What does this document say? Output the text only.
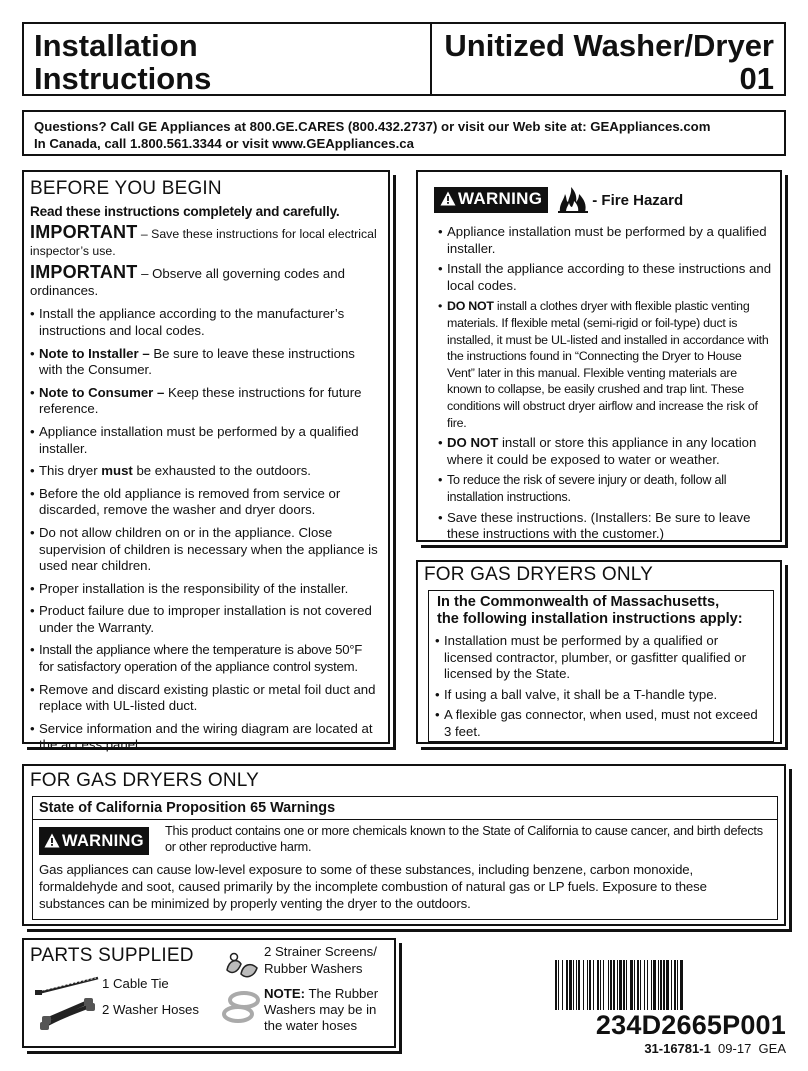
Installation
Instructions
Unitized Washer/Dryer
01
Questions? Call GE Appliances at 800.GE.CARES (800.432.2737) or visit our Web site at: GEAppliances.com
In Canada, call 1.800.561.3344 or visit www.GEAppliances.ca
BEFORE YOU BEGIN
Read these instructions completely and carefully.
IMPORTANT – Save these instructions for local electrical inspector’s use.
IMPORTANT – Observe all governing codes and ordinances.
• Install the appliance according to the manufacturer’s instructions and local codes.
• Note to Installer – Be sure to leave these instructions with the Consumer.
• Note to Consumer – Keep these instructions for future reference.
• Appliance installation must be performed by a qualified installer.
• This dryer must be exhausted to the outdoors.
• Before the old appliance is removed from service or discarded, remove the washer and dryer doors.
• Do not allow children on or in the appliance. Close supervision of children is necessary when the appliance is used near children.
• Proper installation is the responsibility of the installer.
• Product failure due to improper installation is not covered under the Warranty.
• Install the appliance where the temperature is above 50°F for satisfactory operation of the appliance control system.
• Remove and discard existing plastic or metal foil duct and replace with UL-listed duct.
• Service information and the wiring diagram are located at the access panel.
WARNING	- Fire Hazard
• Appliance installation must be performed by a qualified installer.
• Install the appliance according to these instructions and local codes.
• DO NOT install a clothes dryer with flexible plastic venting materials. If flexible metal (semi-rigid or foil-type) duct is installed, it must be UL-listed and installed in accordance with the instructions found in “Connecting the Dryer to House Vent” later in this manual. Flexible venting materials are known to collapse, be easily crushed and trap lint. These conditions will obstruct dryer airflow and increase the risk of fire.
• DO NOT install or store this appliance in any location where it could be exposed to water or weather.
• To reduce the risk of severe injury or death, follow all installation instructions.
• Save these instructions. (Installers: Be sure to leave these instructions with the customer.)
FOR GAS DRYERS ONLY
In the Commonwealth of Massachusetts,
the following installation instructions apply:
• Installation must be performed by a qualified or licensed contractor, plumber, or gasfitter qualified or licensed by the State.
• If using a ball valve, it shall be a T-handle type.
• A flexible gas connector, when used, must not exceed 3 feet.
FOR GAS DRYERS ONLY
State of California Proposition 65 Warnings
WARNING
This product contains one or more chemicals known to the State of California to cause cancer, and birth defects or other reproductive harm.
Gas appliances can cause low-level exposure to some of these substances, including benzene, carbon monoxide, formaldehyde and soot, caused primarily by the incomplete combustion of natural gas or LP fuels. Exposure to these substances can be minimized by properly venting the dryer to the outdoors.
PARTS SUPPLIED
1 Cable Tie
2 Washer Hoses
2 Strainer Screens/
Rubber Washers
NOTE: The Rubber Washers may be in the water hoses	234D2665P001
31-16781-1 09-17 GEA
